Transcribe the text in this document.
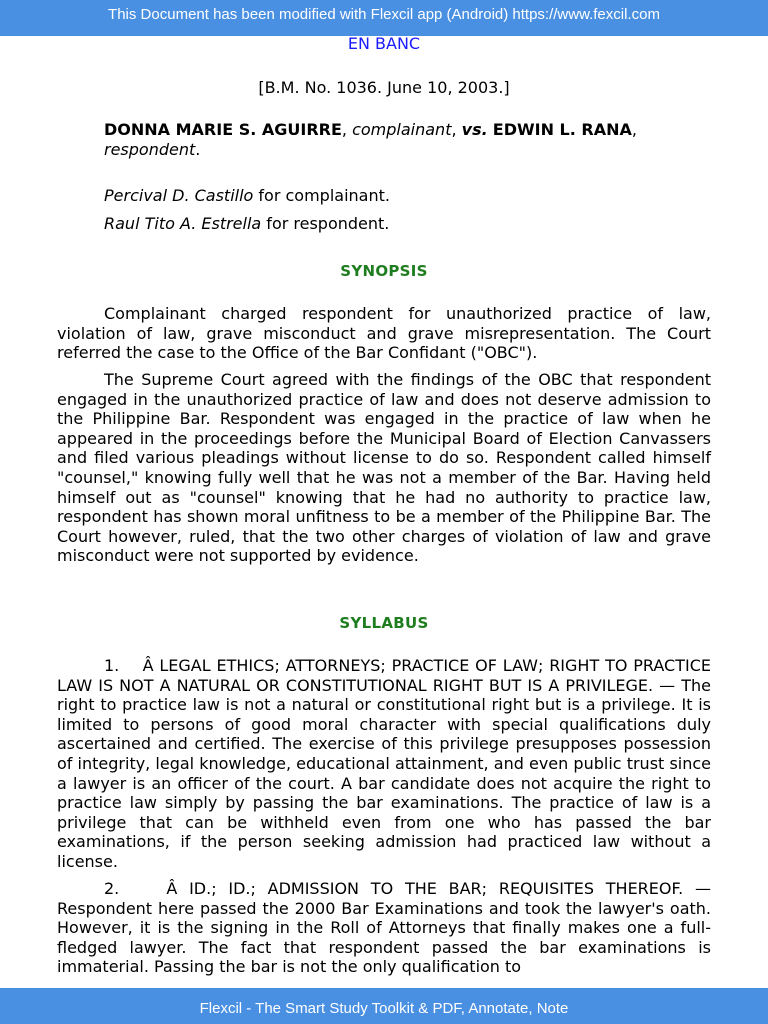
This Document has been modified with Flexcil app (Android) https://www.fexcil.com
EN BANC
[B.M. No. 1036. June 10, 2003.]
DONNA MARIE S. AGUIRRE, complainant, vs. EDWIN L. RANA, respondent.
Percival D. Castillo for complainant.
Raul Tito A. Estrella for respondent.
SYNOPSIS

Complainant charged respondent for unauthorized practice of law, violation of law, grave misconduct and grave misrepresentation. The Court referred the case to the Office of the Bar Confidant ("OBC").

The Supreme Court agreed with the findings of the OBC that respondent engaged in the unauthorized practice of law and does not deserve admission to the Philippine Bar. Respondent was engaged in the practice of law when he appeared in the proceedings before the Municipal Board of Election Canvassers and filed various pleadings without license to do so. Respondent called himself "counsel," knowing fully well that he was not a member of the Bar. Having held himself out as "counsel" knowing that he had no authority to practice law, respondent has shown moral unfitness to be a member of the Philippine Bar. The Court however, ruled, that the two other charges of violation of law and grave misconduct were not supported by evidence.

SYLLABUS

1.    Â LEGAL ETHICS; ATTORNEYS; PRACTICE OF LAW; RIGHT TO PRACTICE LAW IS NOT A NATURAL OR CONSTITUTIONAL RIGHT BUT IS A PRIVILEGE. — The right to practice law is not a natural or constitutional right but is a privilege. It is limited to persons of good moral character with special qualifications duly ascertained and certified. The exercise of this privilege presupposes possession of integrity, legal knowledge, educational attainment, and even public trust since a lawyer is an officer of the court. A bar candidate does not acquire the right to practice law simply by passing the bar examinations. The practice of law is a privilege that can be withheld even from one who has passed the bar examinations, if the person seeking admission had practiced law without a license.

2.    Â ID.; ID.; ADMISSION TO THE BAR; REQUISITES THEREOF. — Respondent here passed the 2000 Bar Examinations and took the lawyer's oath. However, it is the signing in the Roll of Attorneys that finally makes one a full-fledged lawyer. The fact that respondent passed the bar examinations is immaterial. Passing the bar is not the only qualification to

Flexcil - The Smart Study Toolkit & PDF, Annotate, Note
